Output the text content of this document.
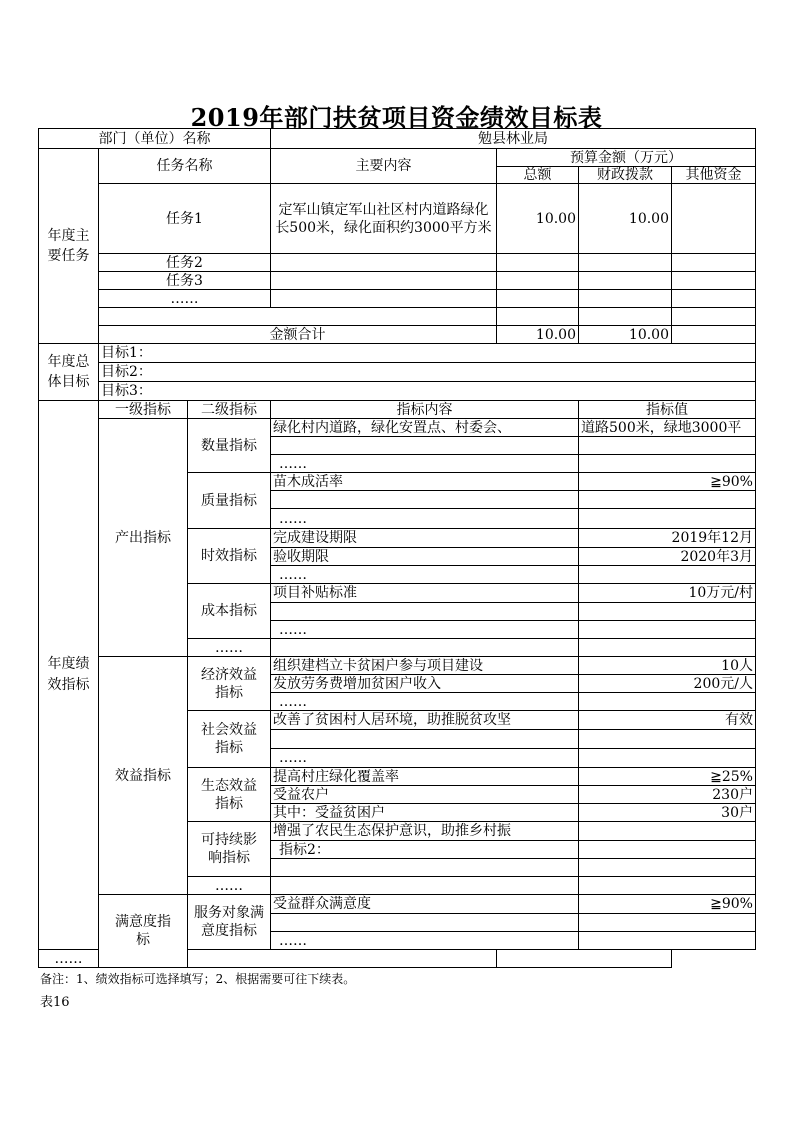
2019年部门扶贫项目资金绩效目标表
部门（单位）名称			勉县林业局			
年度主要任务	任务名称		主要内容	预算金额（万元）		
				总额	财政拨款	其他资金
	任务1		定军山镇定军山社区村内道路绿化长500米，绿化面积约3000平方米	10.00	10.00	
	任务2					
	任务3					
	……					

	金额合计			10.00	10.00	
年度总体目标	目标1：					
	目标2：					
	目标3：					
年度绩效指标	一级指标	二级指标	指标内容		指标值	
	产出指标	数量指标	绿化村内道路，绿化安置点、村委会、		道路500米，绿地3000平	

			……			
		质量指标	苗木成活率		≧90%	

			……			
		时效指标	完成建设期限		2019年12月	
			验收期限		2020年3月	
			……			
		成本指标	项目补贴标准		10万元/村	

			……			
		……				
	效益指标	经济效益指标	组织建档立卡贫困户参与项目建设		10人	
			发放劳务费增加贫困户收入		200元/人	
			……			
		社会效益指标	改善了贫困村人居环境，助推脱贫攻坚		有效	

			……			
		生态效益指标	提高村庄绿化覆盖率		≧25%	
			受益农户		230户	
			其中：受益贫困户		30户	
		可持续影响指标	增强了农民生态保护意识，助推乡村振			
			指标2：			

		……				
	满意度指标	服务对象满意度指标	受益群众满意度		≧90%	

			……			
……						
备注：1、绩效指标可选择填写；2、根据需要可往下续表。
表16
